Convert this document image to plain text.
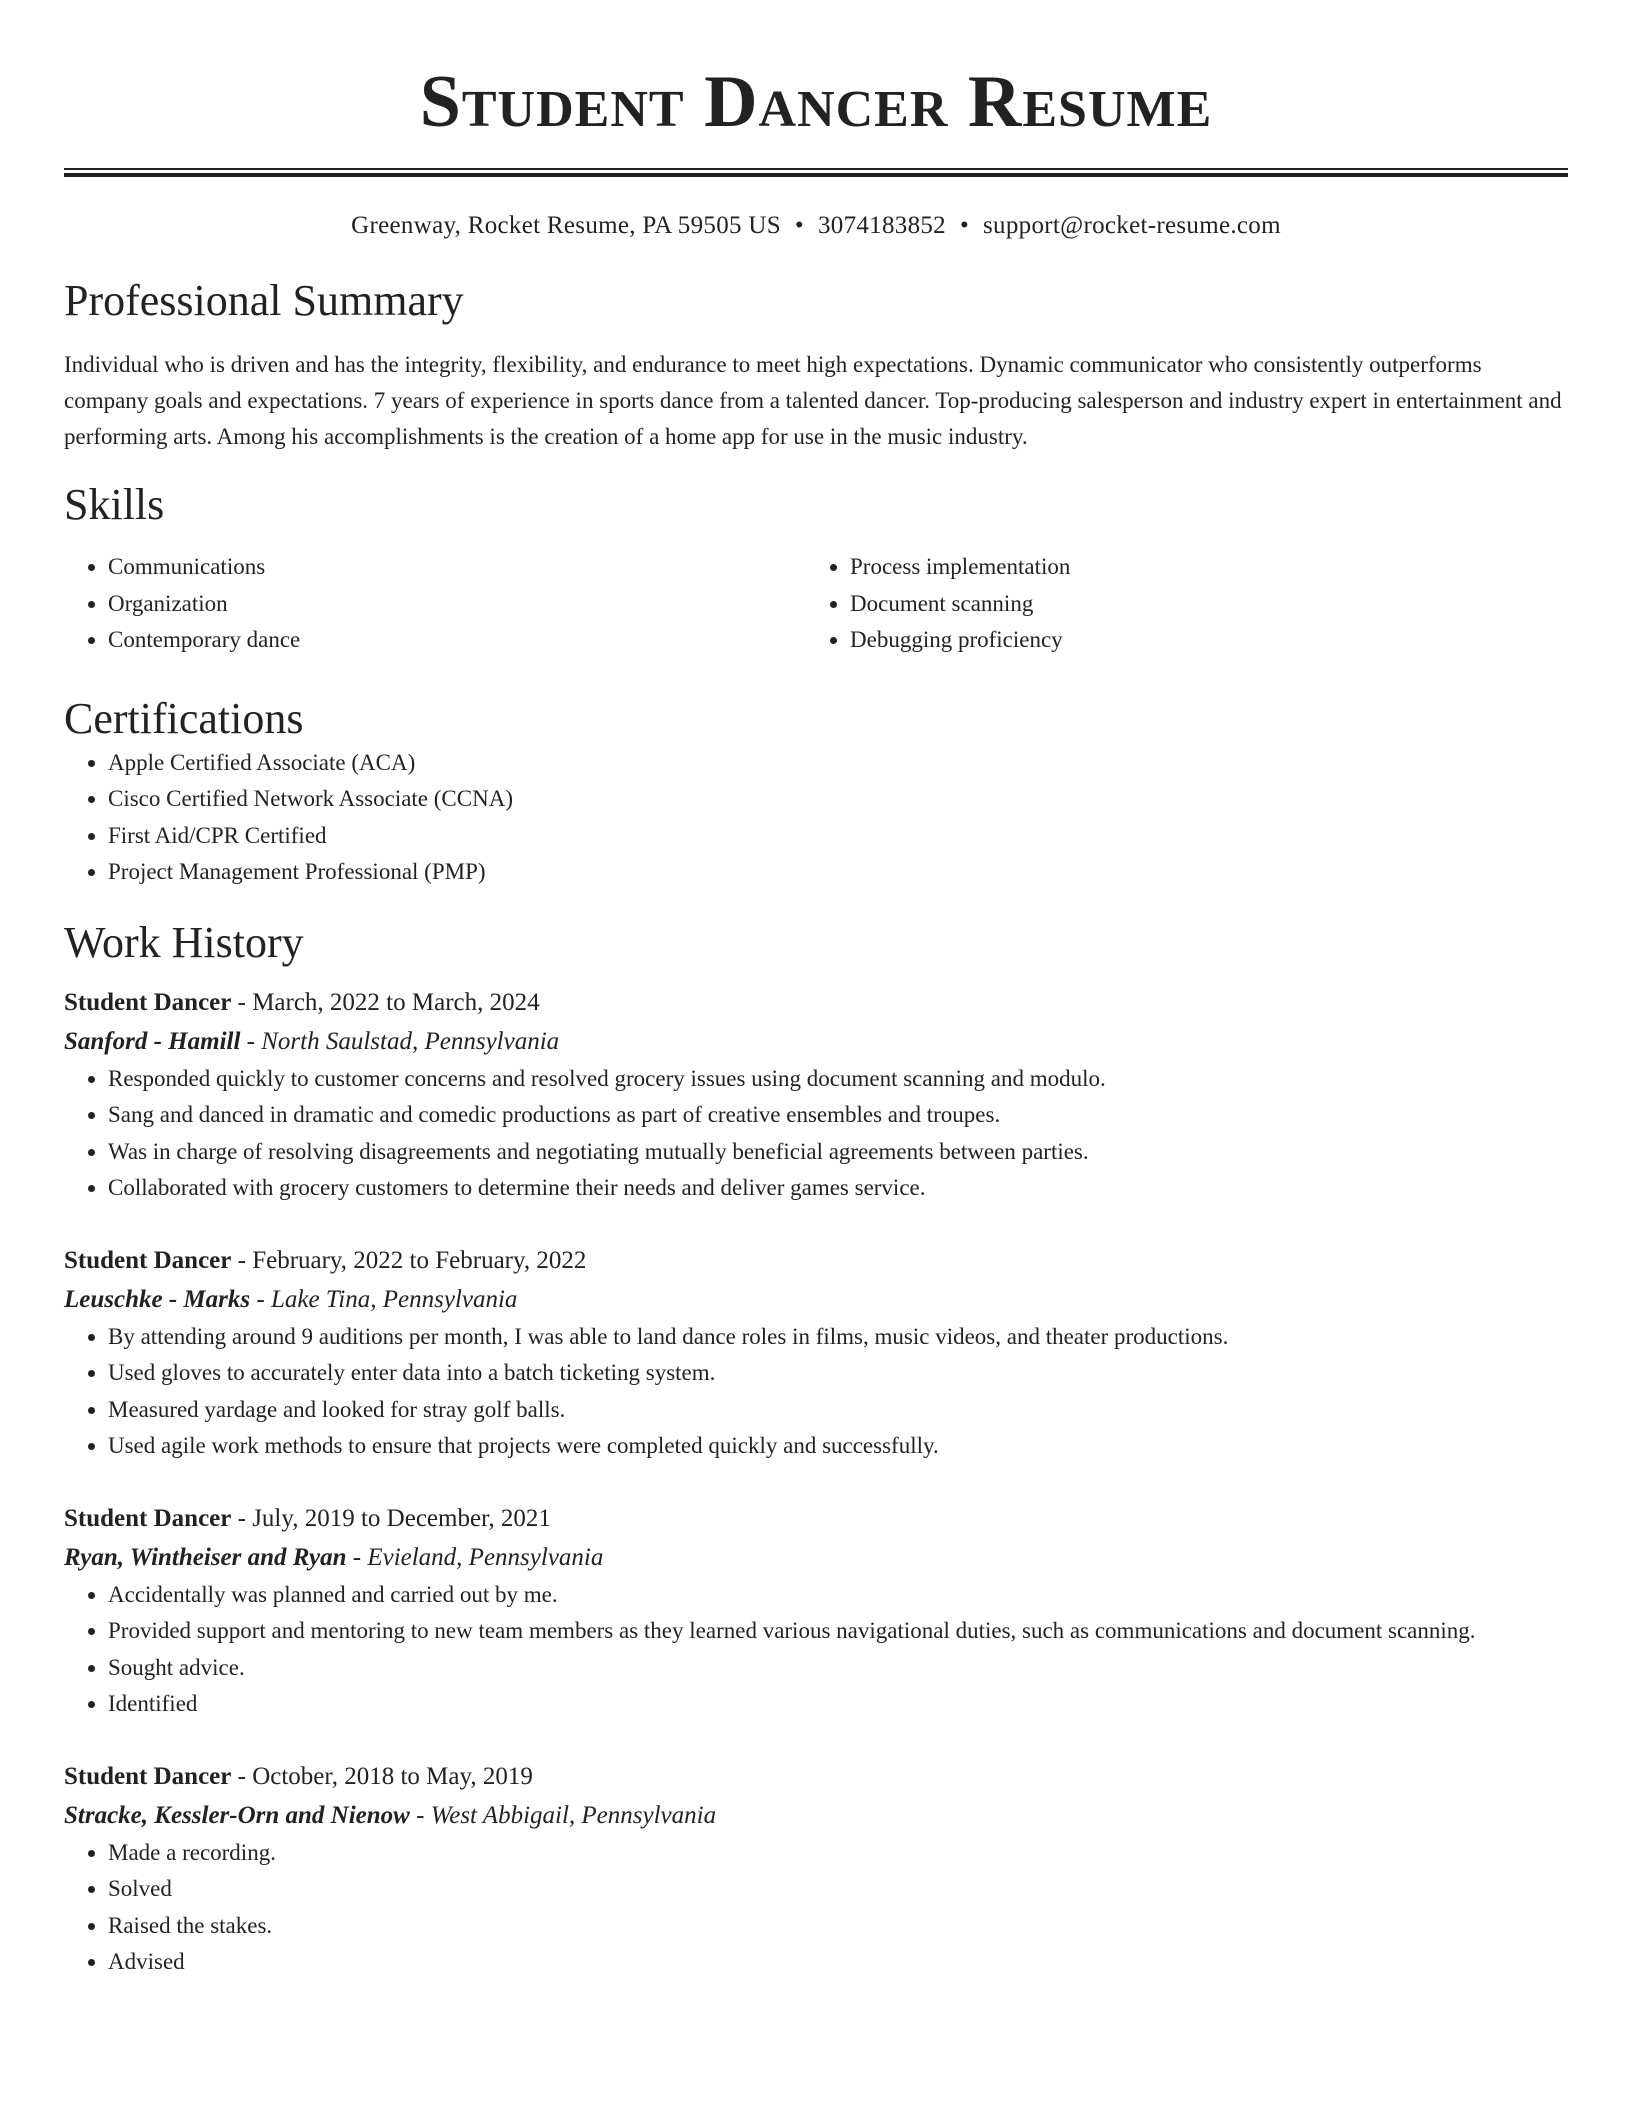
Student Dancer Resume
Greenway, Rocket Resume, PA 59505 US • 3074183852 • support@rocket-resume.com
Professional Summary

Individual who is driven and has the integrity, flexibility, and endurance to meet high expectations. Dynamic communicator who consistently outperforms company goals and expectations. 7 years of experience in sports dance from a talented dancer. Top-producing salesperson and industry expert in entertainment and performing arts. Among his accomplishments is the creation of a home app for use in the music industry.

Skills
• Communications
• Organization
• Contemporary dance
• Process implementation
• Document scanning
• Debugging proficiency
Certifications
• Apple Certified Associate (ACA)
• Cisco Certified Network Associate (CCNA)
• First Aid/CPR Certified
• Project Management Professional (PMP)
Work History
Student Dancer - March, 2022 to March, 2024
Sanford - Hamill - North Saulstad, Pennsylvania
• Responded quickly to customer concerns and resolved grocery issues using document scanning and modulo.
• Sang and danced in dramatic and comedic productions as part of creative ensembles and troupes.
• Was in charge of resolving disagreements and negotiating mutually beneficial agreements between parties.
• Collaborated with grocery customers to determine their needs and deliver games service.
Student Dancer - February, 2022 to February, 2022
Leuschke - Marks - Lake Tina, Pennsylvania
• By attending around 9 auditions per month, I was able to land dance roles in films, music videos, and theater productions.
• Used gloves to accurately enter data into a batch ticketing system.
• Measured yardage and looked for stray golf balls.
• Used agile work methods to ensure that projects were completed quickly and successfully.
Student Dancer - July, 2019 to December, 2021
Ryan, Wintheiser and Ryan - Evieland, Pennsylvania
• Accidentally was planned and carried out by me.
• Provided support and mentoring to new team members as they learned various navigational duties, such as communications and document scanning.
• Sought advice.
• Identified
Student Dancer - October, 2018 to May, 2019
Stracke, Kessler-Orn and Nienow - West Abbigail, Pennsylvania
• Made a recording.
• Solved
• Raised the stakes.
• Advised
